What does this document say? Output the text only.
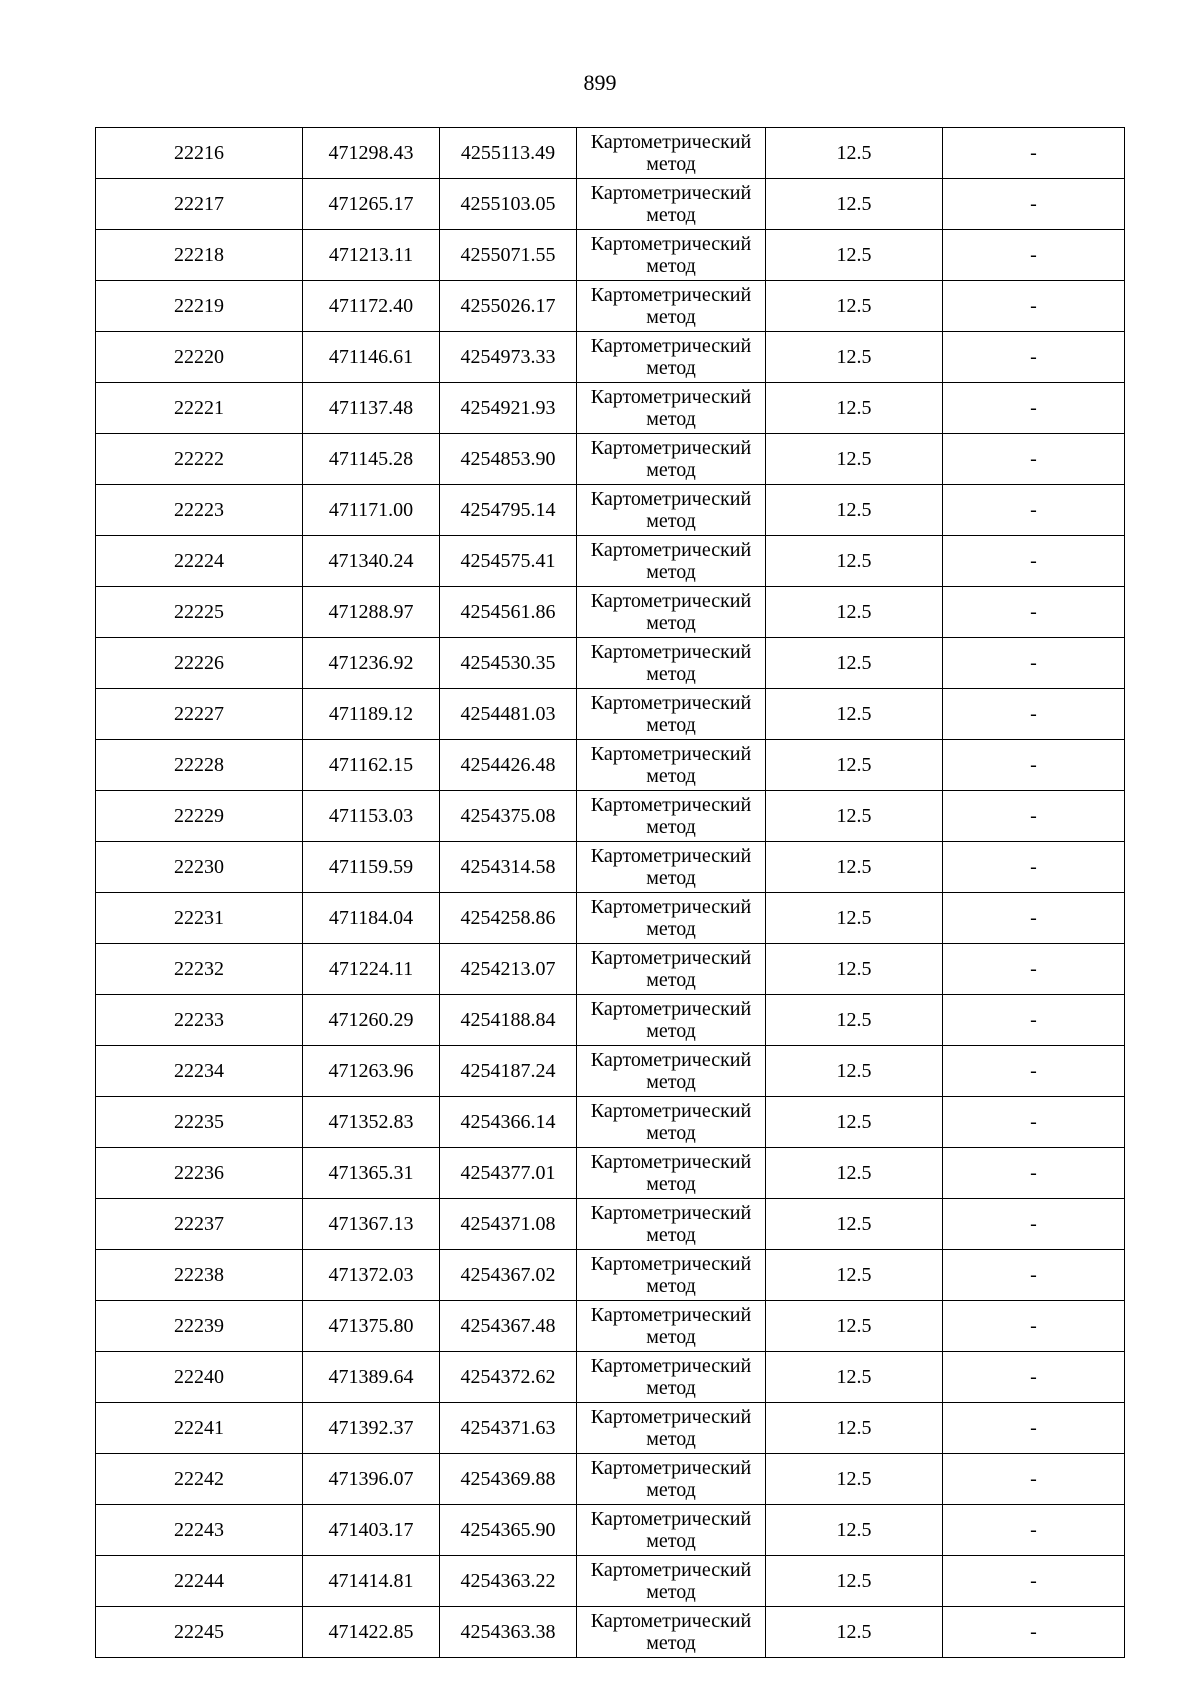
899
22216	471298.43	4255113.49	Картометрический
метод	12.5	-
22217	471265.17	4255103.05	Картометрический
метод	12.5	-
22218	471213.11	4255071.55	Картометрический
метод	12.5	-
22219	471172.40	4255026.17	Картометрический
метод	12.5	-
22220	471146.61	4254973.33	Картометрический
метод	12.5	-
22221	471137.48	4254921.93	Картометрический
метод	12.5	-
22222	471145.28	4254853.90	Картометрический
метод	12.5	-
22223	471171.00	4254795.14	Картометрический
метод	12.5	-
22224	471340.24	4254575.41	Картометрический
метод	12.5	-
22225	471288.97	4254561.86	Картометрический
метод	12.5	-
22226	471236.92	4254530.35	Картометрический
метод	12.5	-
22227	471189.12	4254481.03	Картометрический
метод	12.5	-
22228	471162.15	4254426.48	Картометрический
метод	12.5	-
22229	471153.03	4254375.08	Картометрический
метод	12.5	-
22230	471159.59	4254314.58	Картометрический
метод	12.5	-
22231	471184.04	4254258.86	Картометрический
метод	12.5	-
22232	471224.11	4254213.07	Картометрический
метод	12.5	-
22233	471260.29	4254188.84	Картометрический
метод	12.5	-
22234	471263.96	4254187.24	Картометрический
метод	12.5	-
22235	471352.83	4254366.14	Картометрический
метод	12.5	-
22236	471365.31	4254377.01	Картометрический
метод	12.5	-
22237	471367.13	4254371.08	Картометрический
метод	12.5	-
22238	471372.03	4254367.02	Картометрический
метод	12.5	-
22239	471375.80	4254367.48	Картометрический
метод	12.5	-
22240	471389.64	4254372.62	Картометрический
метод	12.5	-
22241	471392.37	4254371.63	Картометрический
метод	12.5	-
22242	471396.07	4254369.88	Картометрический
метод	12.5	-
22243	471403.17	4254365.90	Картометрический
метод	12.5	-
22244	471414.81	4254363.22	Картометрический
метод	12.5	-
22245	471422.85	4254363.38	Картометрический
метод	12.5	-
